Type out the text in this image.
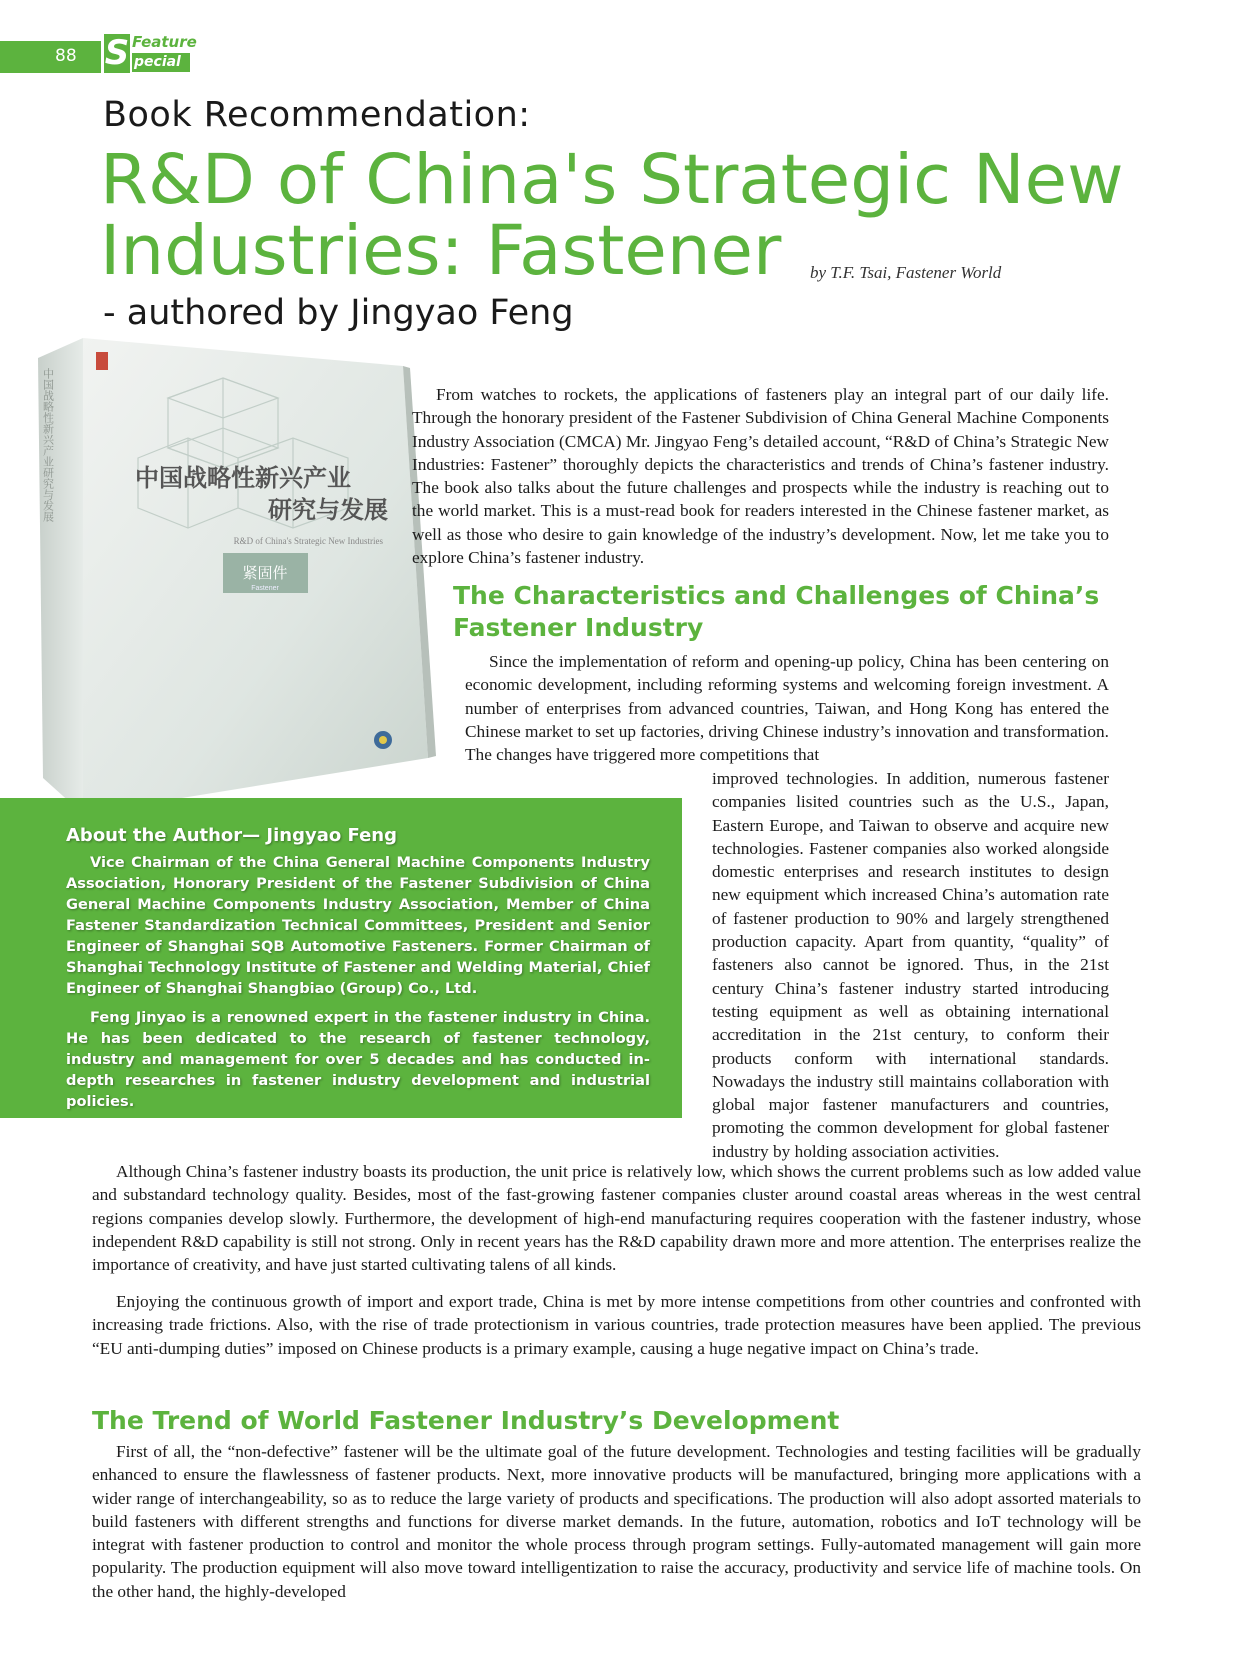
88 S Feature
pecial
Book Recommendation:
R&D of China's Strategic New Industries: Fastener	by T.F. Tsai, Fastener World
- authored by Jingyao Feng
中国战略性新兴产业
研究与发展
R&D of China's Strategic New Industries
紧固件
Fastener
中国战略性新兴产业研究与发展
About the Author— Jingyao Feng

Vice Chairman of the China General Machine Components Industry Association, Honorary President of the Fastener Subdivision of China General Machine Components Industry Association, Member of China Fastener Standardization Technical Committees, President and Senior Engineer of Shanghai SQB Automotive Fasteners. Former Chairman of Shanghai Technology Institute of Fastener and Welding Material, Chief Engineer of Shanghai Shangbiao (Group) Co., Ltd.

Feng Jinyao is a renowned expert in the fastener industry in China. He has been dedicated to the research of fastener technology, industry and management for over 5 decades and has conducted in-depth researches in fastener industry development and industrial policies.

From watches to rockets, the applications of fasteners play an integral part of our daily life. Through the honorary president of the Fastener Subdivision of China General Machine Components Industry Association (CMCA) Mr. Jingyao Feng’s detailed account, “R&D of China’s Strategic New Industries: Fastener” thoroughly depicts the characteristics and trends of China’s fastener industry. The book also talks about the future challenges and prospects while the industry is reaching out to the world market. This is a must-read book for readers interested in the Chinese fastener market, as well as those who desire to gain knowledge of the industry’s development. Now, let me take you to explore China’s fastener industry.

The Characteristics and Challenges of China’s Fastener Industry

Since the implementation of reform and opening-up policy, China has been centering on economic development, including reforming systems and welcoming foreign investment. A number of enterprises from advanced countries, Taiwan, and Hong Kong has entered the Chinese market to set up factories, driving Chinese industry’s innovation and transformation. The changes have triggered more competitions that

improved technologies. In addition, numerous fastener companies lisited countries such as the U.S., Japan, Eastern Europe, and Taiwan to observe and acquire new technologies. Fastener companies also worked alongside domestic enterprises and research institutes to design new equipment which increased China’s automation rate of fastener production to 90% and largely strengthened production capacity. Apart from quantity, “quality” of fasteners also cannot be ignored. Thus, in the 21st century China’s fastener industry started introducing testing equipment as well as obtaining international accreditation in the 21st century, to conform their products conform with international standards. Nowadays the industry still maintains collaboration with global major fastener manufacturers and countries, promoting the common development for global fastener industry by holding association activities.

Although China’s fastener industry boasts its production, the unit price is relatively low, which shows the current problems such as low added value and substandard technology quality. Besides, most of the fast-growing fastener companies cluster around coastal areas whereas in the west central regions companies develop slowly. Furthermore, the development of high-end manufacturing requires cooperation with the fastener industry, whose independent R&D capability is still not strong. Only in recent years has the R&D capability drawn more and more attention. The enterprises realize the importance of creativity, and have just started cultivating talens of all kinds.

Enjoying the continuous growth of import and export trade, China is met by more intense competitions from other countries and confronted with increasing trade frictions. Also, with the rise of trade protectionism in various countries, trade protection measures have been applied. The previous “EU anti-dumping duties” imposed on Chinese products is a primary example, causing a huge negative impact on China’s trade.

The Trend of World Fastener Industry’s Development

First of all, the “non-defective” fastener will be the ultimate goal of the future development. Technologies and testing facilities will be gradually enhanced to ensure the flawlessness of fastener products. Next, more innovative products will be manufactured, bringing more applications with a wider range of interchangeability, so as to reduce the large variety of products and specifications. The production will also adopt assorted materials to build fasteners with different strengths and functions for diverse market demands. In the future, automation, robotics and IoT technology will be integrat with fastener production to control and monitor the whole process through program settings. Fully-automated management will gain more popularity. The production equipment will also move toward intelligentization to raise the accuracy, productivity and service life of machine tools. On the other hand, the highly-developed
